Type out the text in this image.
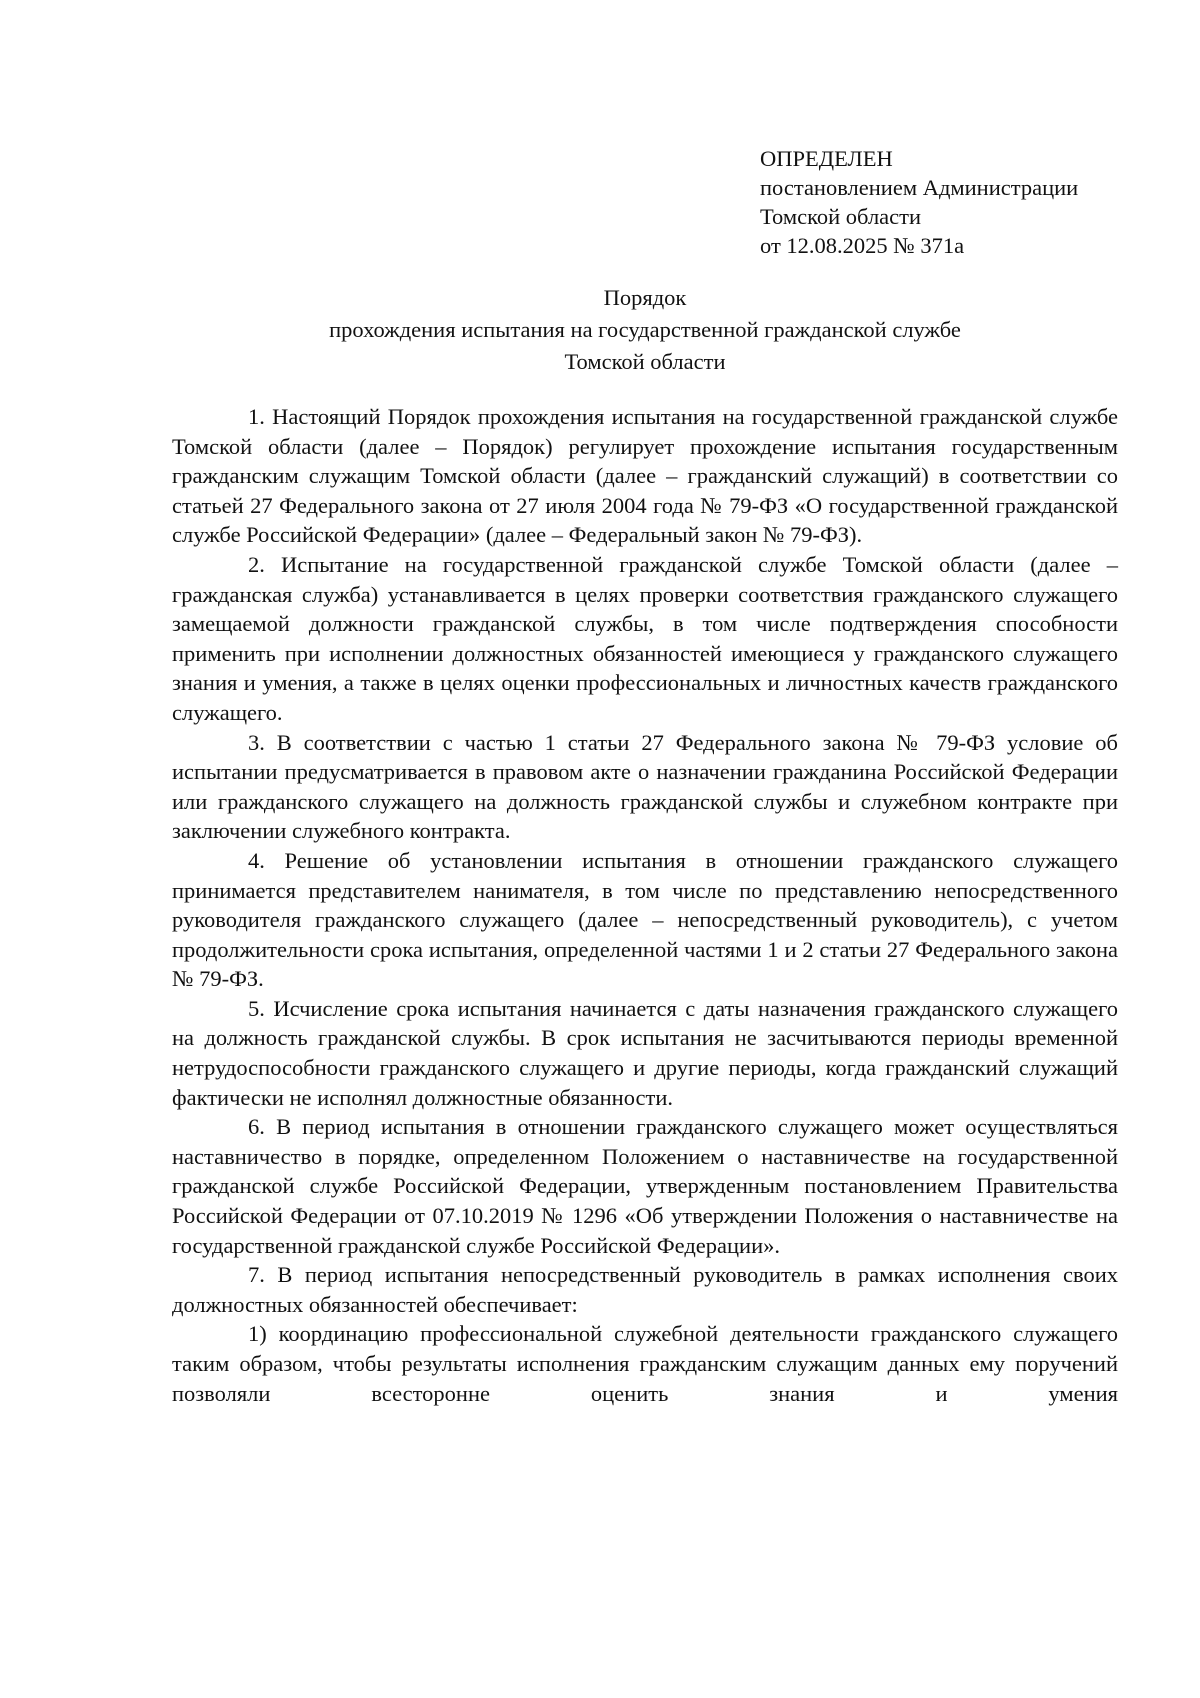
ОПРЕДЕЛЕН
постановлением Администрации
Томской области
от 12.08.2025 № 371а
Порядок
прохождения испытания на государственной гражданской службе
Томской области

1. Настоящий Порядок прохождения испытания на государственной гражданской службе Томской области (далее – Порядок) регулирует прохождение испытания государственным гражданским служащим Томской области (далее – гражданский служащий) в соответствии со статьей 27 Федерального закона от 27 июля 2004 года № 79-ФЗ «О государственной гражданской службе Российской Федерации» (далее – Федеральный закон № 79-ФЗ).

2. Испытание на государственной гражданской службе Томской области (далее – гражданская служба) устанавливается в целях проверки соответствия гражданского служащего замещаемой должности гражданской службы, в том числе подтверждения способности применить при исполнении должностных обязанностей имеющиеся у гражданского служащего знания и умения, а также в целях оценки профессиональных и личностных качеств гражданского служащего.

3. В соответствии с частью 1 статьи 27 Федерального закона № 79-ФЗ условие об испытании предусматривается в правовом акте о назначении гражданина Российской Федерации или гражданского служащего на должность гражданской службы и служебном контракте при заключении служебного контракта.

4. Решение об установлении испытания в отношении гражданского служащего принимается представителем нанимателя, в том числе по представлению непосредственного руководителя гражданского служащего (далее – непосредственный руководитель), с учетом продолжительности срока испытания, определенной частями 1 и 2 статьи 27 Федерального закона № 79-ФЗ.

5. Исчисление срока испытания начинается с даты назначения гражданского служащего на должность гражданской службы. В срок испытания не засчитываются периоды временной нетрудоспособности гражданского служащего и другие периоды, когда гражданский служащий фактически не исполнял должностные обязанности.

6. В период испытания в отношении гражданского служащего может осуществляться наставничество в порядке, определенном Положением о наставничестве на государственной гражданской службе Российской Федерации, утвержденным постановлением Правительства Российской Федерации от 07.10.2019 № 1296 «Об утверждении Положения о наставничестве на государственной гражданской службе Российской Федерации».

7. В период испытания непосредственный руководитель в рамках исполнения своих должностных обязанностей обеспечивает:

1) координацию профессиональной служебной деятельности гражданского служащего таким образом, чтобы результаты исполнения гражданским служащим данных ему поручений позволяли всесторонне оценить знания и умения
